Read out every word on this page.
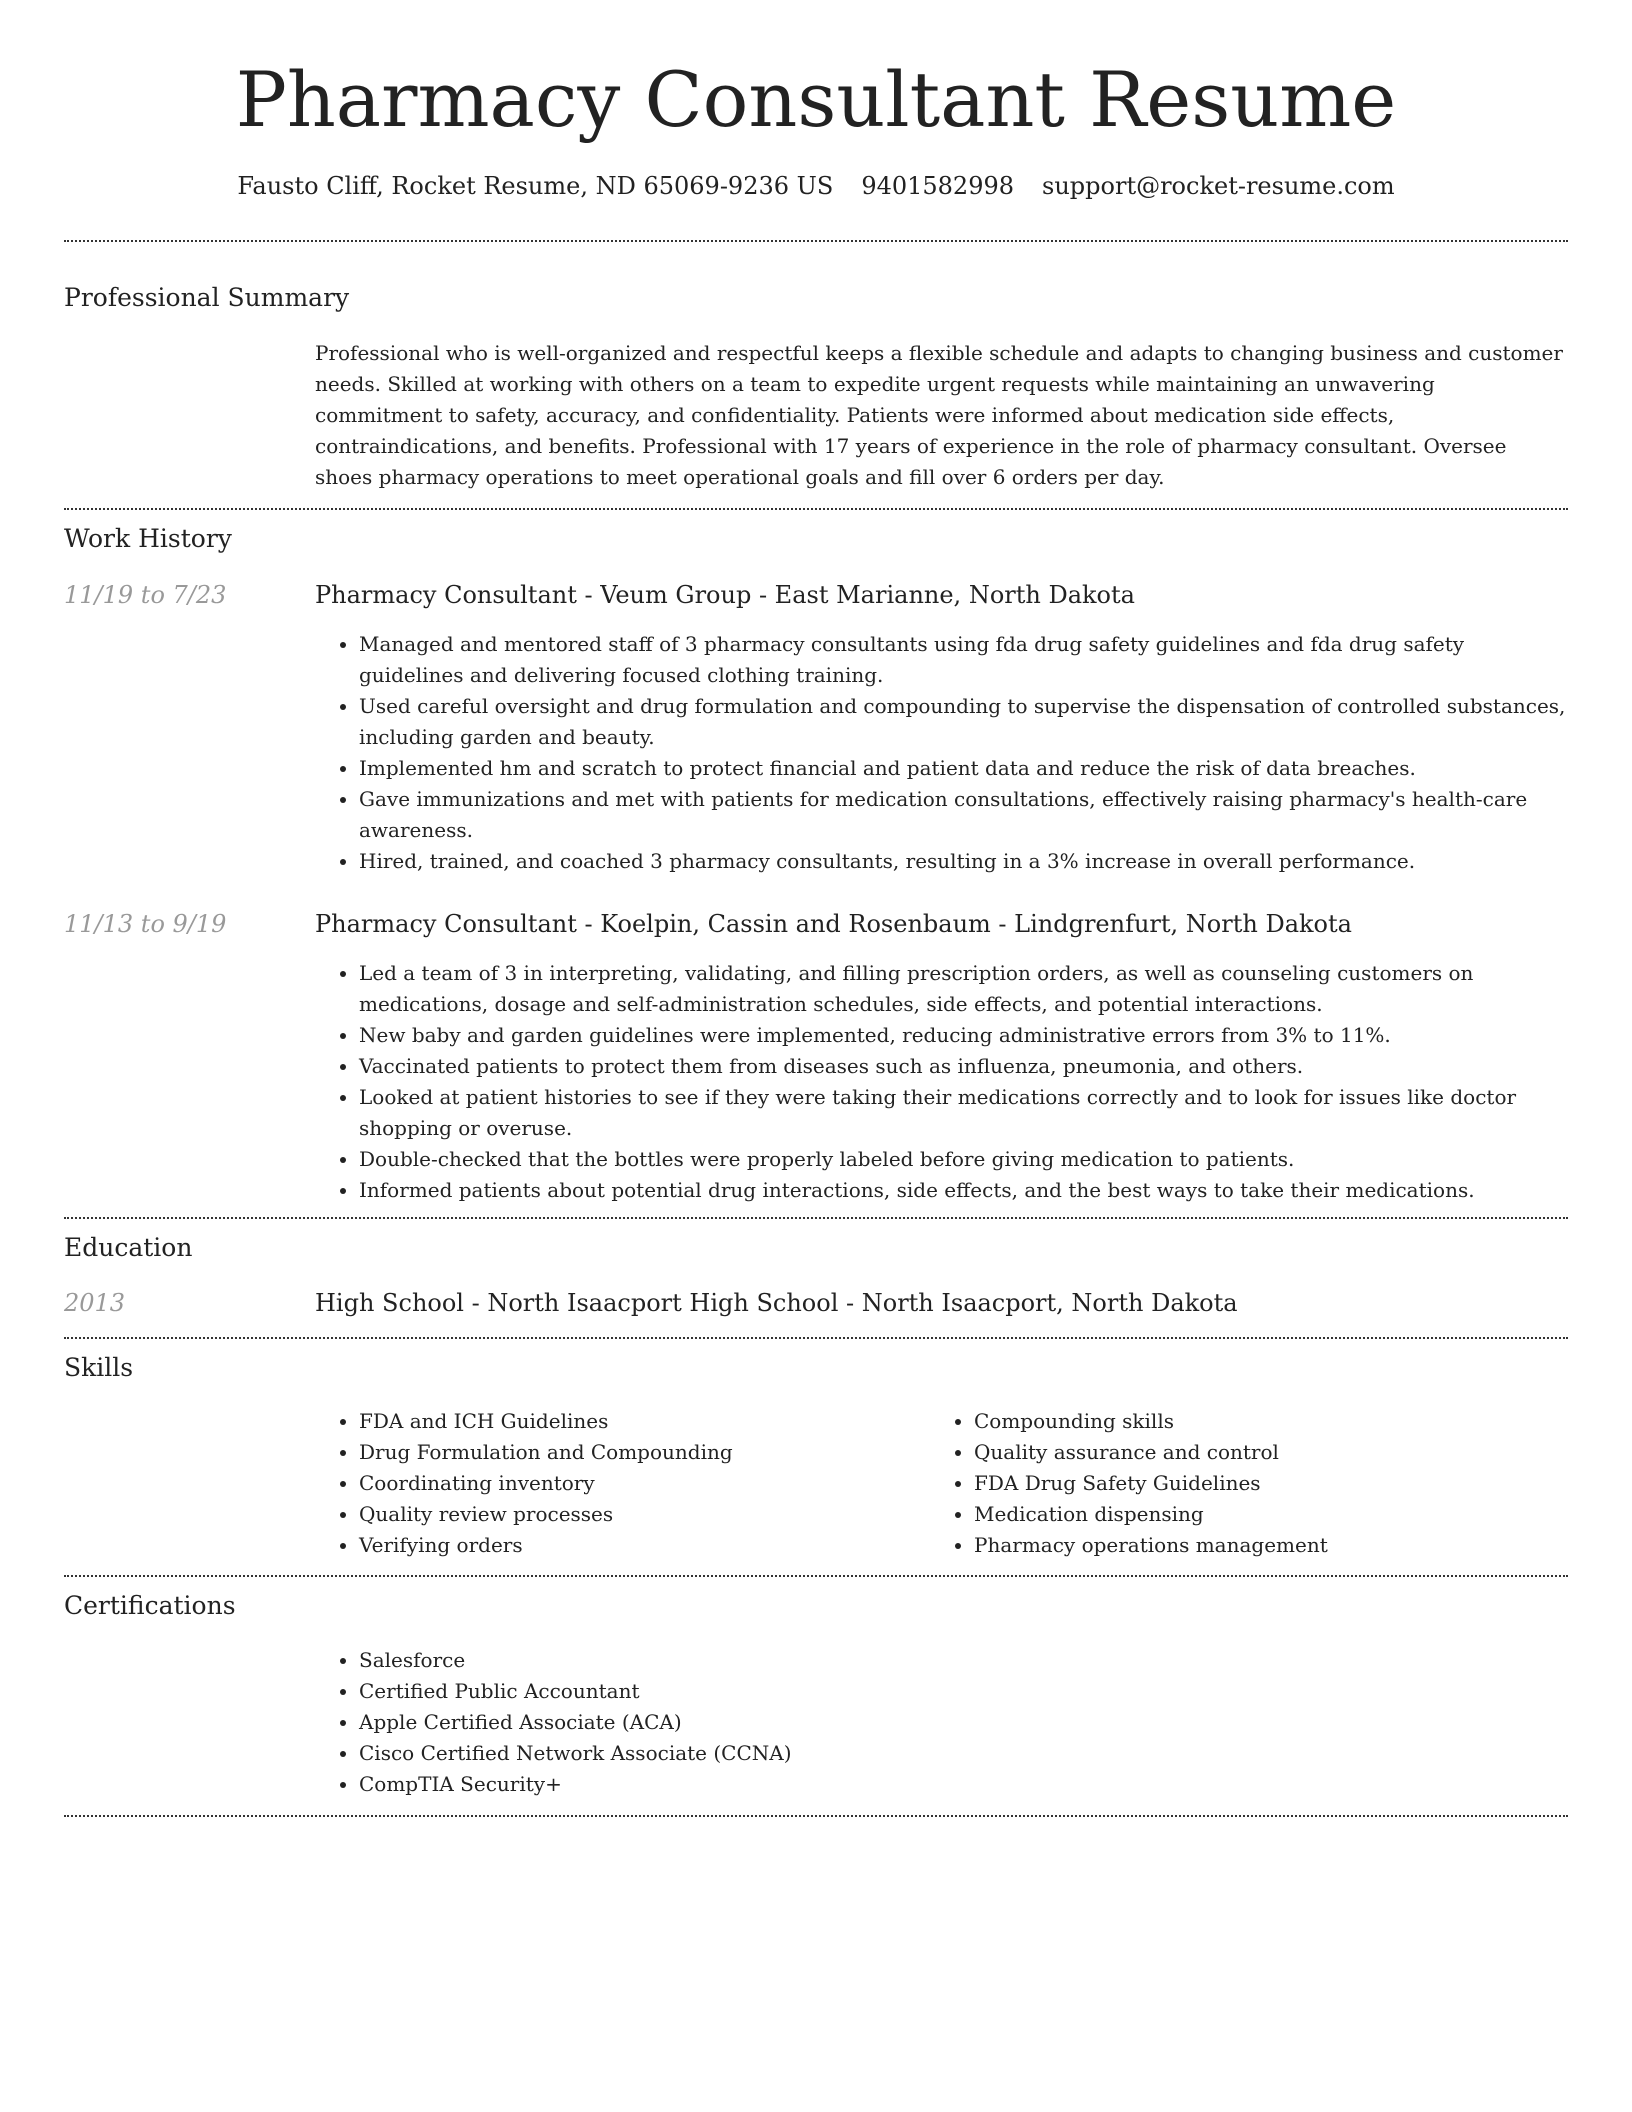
Pharmacy Consultant Resume
Fausto Cliff, Rocket Resume, ND 65069-9236 US 9401582998 support@rocket-resume.com
Professional Summary
Professional who is well-organized and respectful keeps a flexible schedule and adapts to changing business and customer needs. Skilled at working with others on a team to expedite urgent requests while maintaining an unwavering commitment to safety, accuracy, and confidentiality. Patients were informed about medication side effects, contraindications, and benefits. Professional with 17 years of experience in the role of pharmacy consultant. Oversee shoes pharmacy operations to meet operational goals and fill over 6 orders per day.
Work History
11/19 to 7/23	Pharmacy Consultant - Veum Group - East Marianne, North Dakota
• Managed and mentored staff of 3 pharmacy consultants using fda drug safety guidelines and fda drug safety guidelines and delivering focused clothing training.
• Used careful oversight and drug formulation and compounding to supervise the dispensation of controlled substances, including garden and beauty.
• Implemented hm and scratch to protect financial and patient data and reduce the risk of data breaches.
• Gave immunizations and met with patients for medication consultations, effectively raising pharmacy's health-care awareness.
• Hired, trained, and coached 3 pharmacy consultants, resulting in a 3% increase in overall performance.
11/13 to 9/19	Pharmacy Consultant - Koelpin, Cassin and Rosenbaum - Lindgrenfurt, North Dakota
• Led a team of 3 in interpreting, validating, and filling prescription orders, as well as counseling customers on medications, dosage and self-administration schedules, side effects, and potential interactions.
• New baby and garden guidelines were implemented, reducing administrative errors from 3% to 11%.
• Vaccinated patients to protect them from diseases such as influenza, pneumonia, and others.
• Looked at patient histories to see if they were taking their medications correctly and to look for issues like doctor shopping or overuse.
• Double-checked that the bottles were properly labeled before giving medication to patients.
• Informed patients about potential drug interactions, side effects, and the best ways to take their medications.
Education
2013	High School - North Isaacport High School - North Isaacport, North Dakota
Skills
• FDA and ICH Guidelines
• Drug Formulation and Compounding
• Coordinating inventory
• Quality review processes
• Verifying orders
• Compounding skills
• Quality assurance and control
• FDA Drug Safety Guidelines
• Medication dispensing
• Pharmacy operations management
Certifications
• Salesforce
• Certified Public Accountant
• Apple Certified Associate (ACA)
• Cisco Certified Network Associate (CCNA)
• CompTIA Security+
